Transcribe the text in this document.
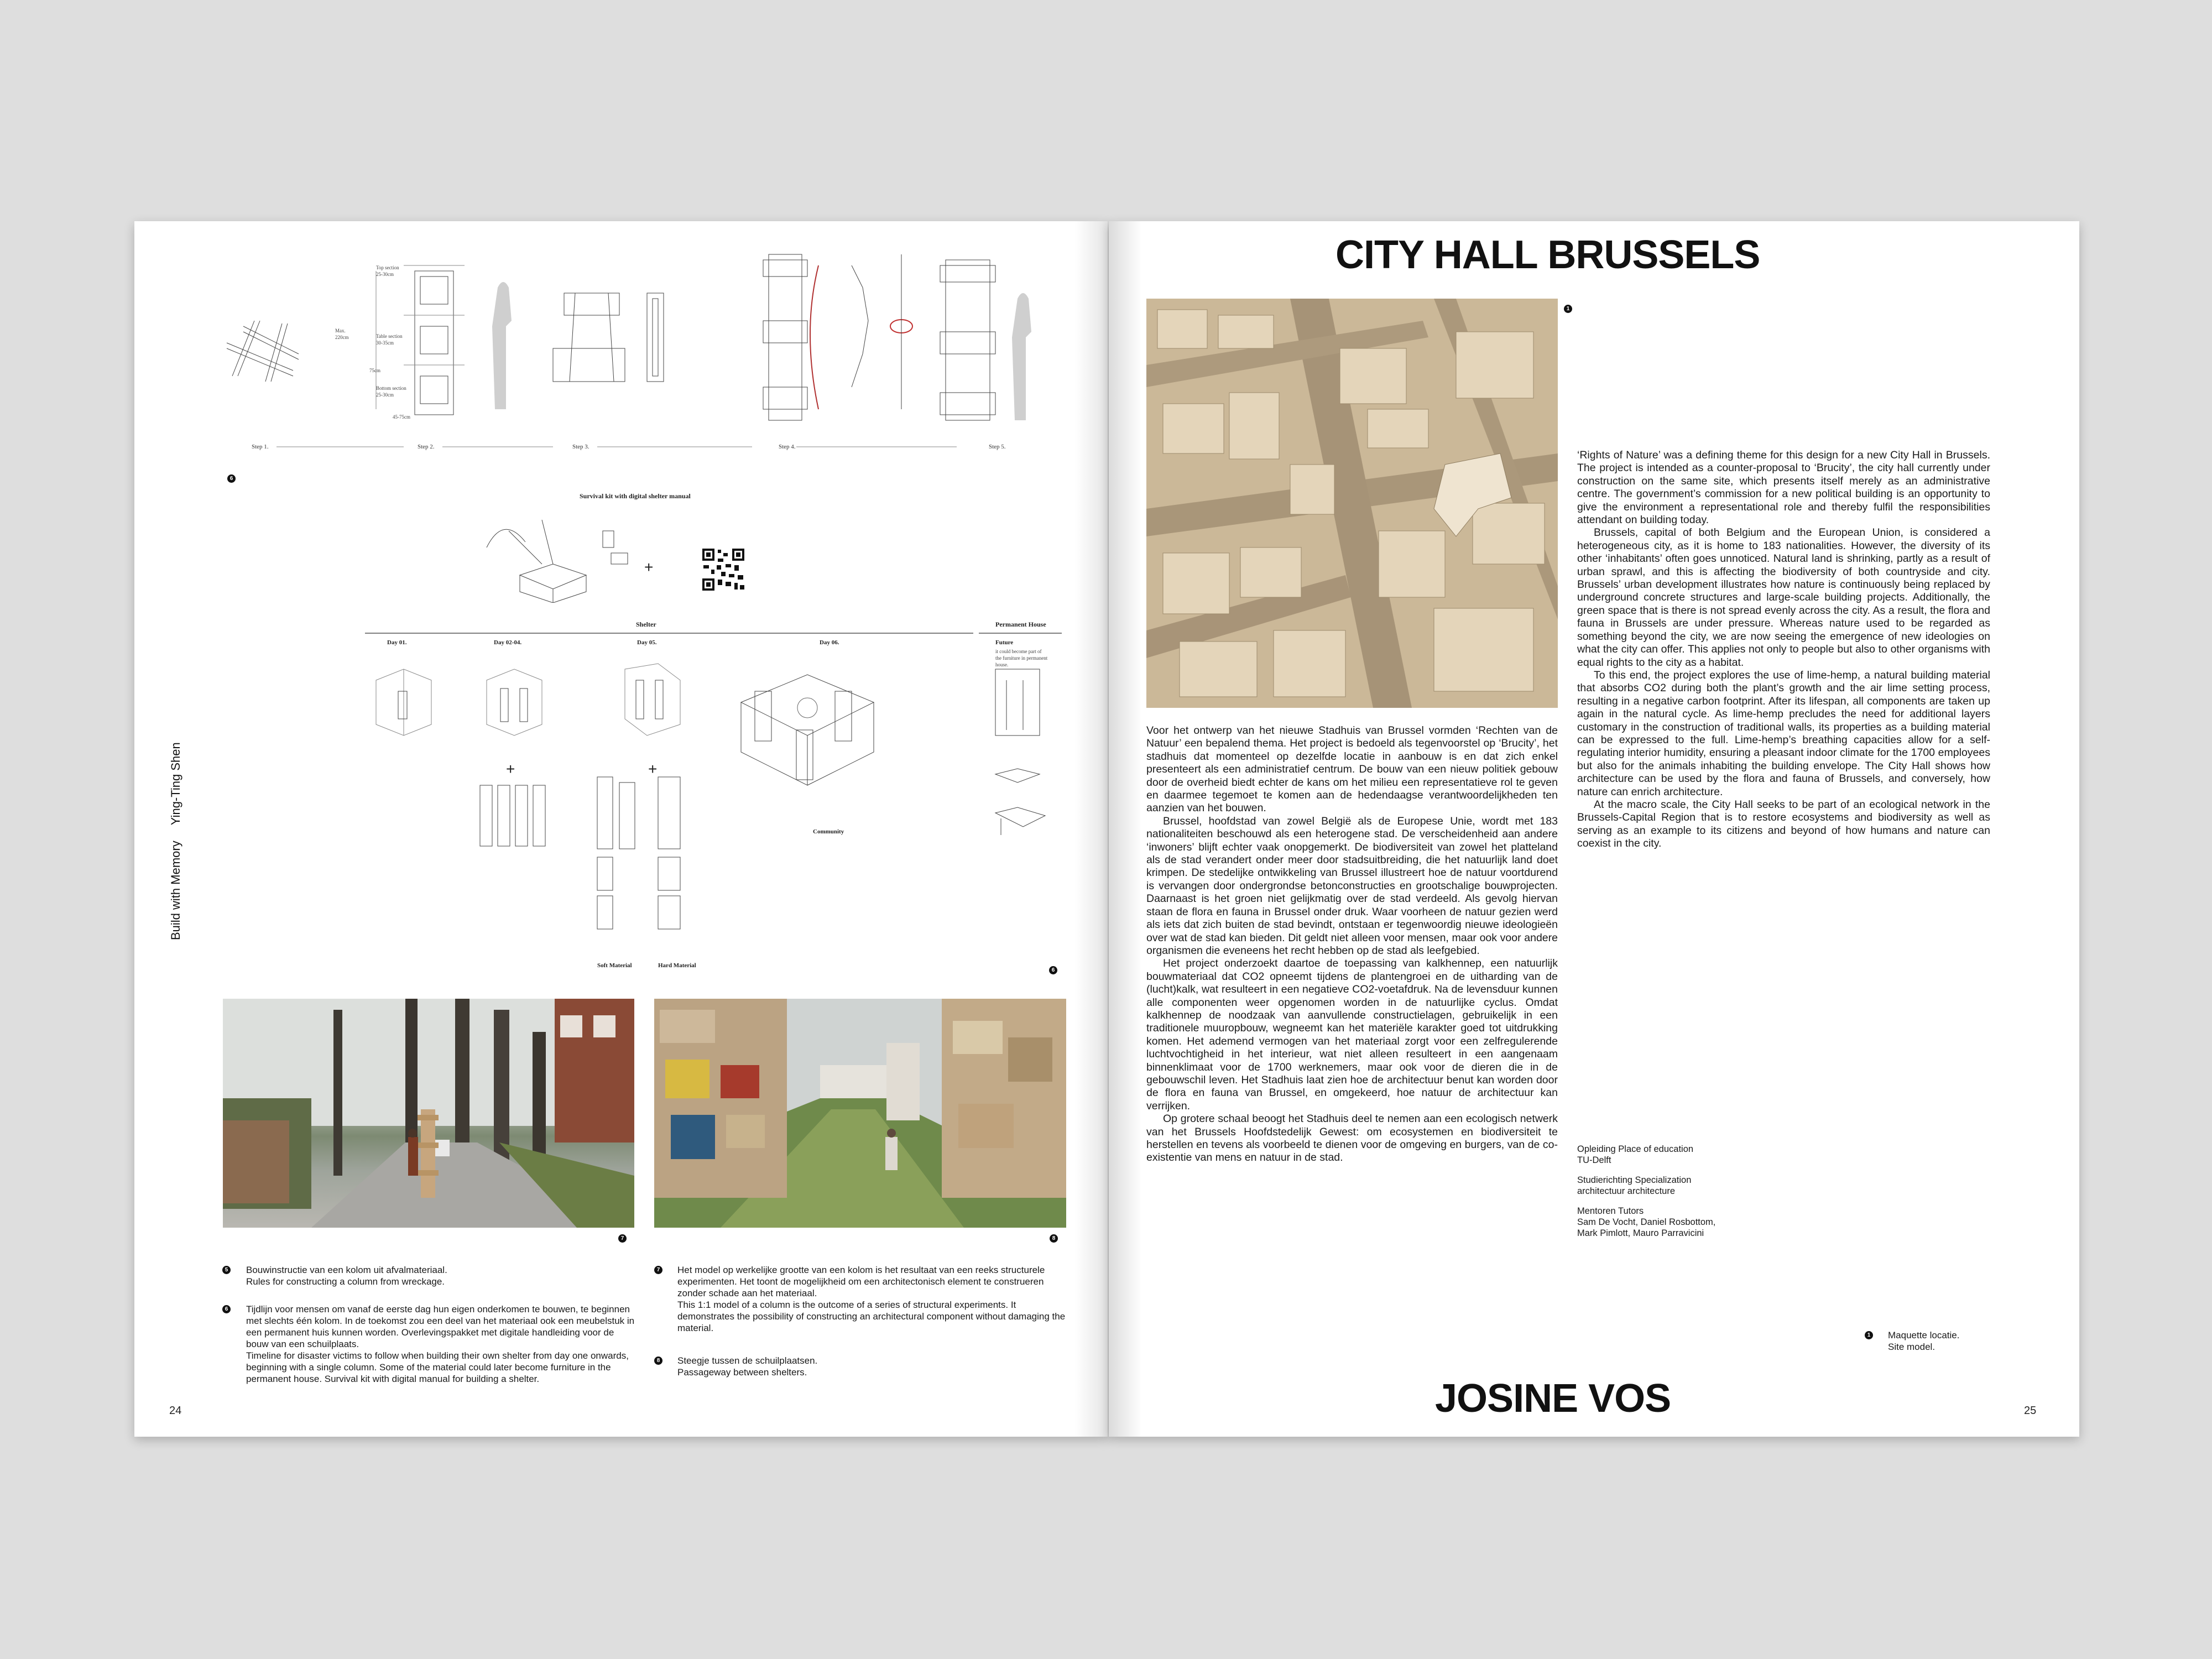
Build with MemoryYing-Ting Shen
Step 1.	Step 2.	Step 3.	Step 4.	Step 5.
Top section
25-30cm
Max.
220cm	Table section
30-35cm
75cm
Bottom section
25-30cm
45-75cm
6
Survival kit with digital shelter manual
+
Shelter	Permanent House
Day 01.	Day 02-04.	Day 05.	Day 06.	Future
it could become part of the furniture in permanent house.
+	+
Community
Soft Material	Hard Material
6
7	8
5 Bouwinstructie van een kolom uit afvalmateriaal.
Rules for constructing a column from wreckage.
6 Tijdlijn voor mensen om vanaf de eerste dag hun eigen onderkomen te bouwen, te beginnen met slechts één kolom. In de toekomst zou een deel van het materiaal ook een meubelstuk in een permanent huis kunnen worden. Overlevingspakket met digitale handleiding voor de bouw van een schuilplaats.
Timeline for disaster victims to follow when building their own shelter from day one onwards, beginning with a single column. Some of the material could later become furniture in the permanent house. Survival kit with digital manual for building a shelter.
7 Het model op werkelijke grootte van een kolom is het resultaat van een reeks structurele experimenten. Het toont de mogelijkheid om een architectonisch element te construeren zonder schade aan het materiaal.
This 1:1 model of a column is the outcome of a series of structural experiments. It demonstrates the possibility of constructing an architectural component without damaging the material.
8 Steegje tussen de schuilplaatsen.
Passageway between shelters.
24
CITY HALL BRUSSELS
1

Voor het ontwerp van het nieuwe Stadhuis van Brussel vormden ‘Rechten van de Natuur’ een bepalend thema. Het project is bedoeld als tegenvoorstel op ‘Brucity’, het stadhuis dat momenteel op dezelfde locatie in aanbouw is en dat zich enkel presenteert als een administratief centrum. De bouw van een nieuw politiek gebouw door de overheid biedt echter de kans om het milieu een representatieve rol te geven en daarmee tegemoet te komen aan de hedendaagse verantwoordelijkheden ten aanzien van het bouwen.

Brussel, hoofdstad van zowel België als de Europese Unie, wordt met 183 nationaliteiten beschouwd als een heterogene stad. De verscheidenheid aan andere ‘inwoners’ blijft echter vaak onopgemerkt. De biodiversiteit van zowel het platteland als de stad verandert onder meer door stadsuitbreiding, die het natuurlijk land doet krimpen. De stedelijke ontwikkeling van Brussel illustreert hoe de natuur voortdurend is vervangen door ondergrondse betonconstructies en grootschalige bouwprojecten. Daarnaast is het groen niet gelijkmatig over de stad verdeeld. Als gevolg hiervan staan de flora en fauna in Brussel onder druk. Waar voorheen de natuur gezien werd als iets dat zich buiten de stad bevindt, ontstaan er tegenwoordig nieuwe ideologieën over wat de stad kan bieden. Dit geldt niet alleen voor mensen, maar ook voor andere organismen die eveneens het recht hebben op de stad als leefgebied.

Het project onderzoekt daartoe de toepassing van kalkhennep, een natuurlijk bouwmateriaal dat CO2 opneemt tijdens de plantengroei en de uitharding van de (lucht)kalk, wat resulteert in een negatieve CO2-voetafdruk. Na de levensduur kunnen alle componenten weer opgenomen worden in de natuurlijke cyclus. Omdat kalkhennep de noodzaak van aanvullende constructielagen, gebruikelijk in een traditionele muuropbouw, wegneemt kan het materiële karakter goed tot uitdrukking komen. Het ademend vermogen van het materiaal zorgt voor een zelfregulerende luchtvochtigheid in het interieur, wat niet alleen resulteert in een aangenaam binnenklimaat voor de 1700 werknemers, maar ook voor de dieren die in de gebouwschil leven. Het Stadhuis laat zien hoe de architectuur benut kan worden door de flora en fauna van Brussel, en omgekeerd, hoe natuur de architectuur kan verrijken.

Op grotere schaal beoogt het Stadhuis deel te nemen aan een ecologisch netwerk van het Brussels Hoofdstedelijk Gewest: om ecosystemen en biodiversiteit te herstellen en tevens als voorbeeld te dienen voor de omgeving en burgers, van de co-existentie van mens en natuur in de stad.

‘Rights of Nature’ was a defining theme for this design for a new City Hall in Brussels. The project is intended as a counter-proposal to ‘Brucity’, the city hall currently under construction on the same site, which presents itself merely as an administrative centre. The government’s commission for a new political building is an opportunity to give the environment a representational role and thereby fulfil the responsibilities attendant on building today.

Brussels, capital of both Belgium and the European Union, is considered a heterogeneous city, as it is home to 183 nationalities. However, the diversity of its other ‘inhabitants’ often goes unnoticed. Natural land is shrinking, partly as a result of urban sprawl, and this is affecting the biodiversity of both countryside and city. Brussels’ urban development illustrates how nature is continuously being replaced by underground concrete structures and large-scale building projects. Additionally, the green space that is there is not spread evenly across the city. As a result, the flora and fauna in Brussels are under pressure. Whereas nature used to be regarded as something beyond the city, we are now seeing the emergence of new ideologies on what the city can offer. This applies not only to people but also to other organisms with equal rights to the city as a habitat.

To this end, the project explores the use of lime-hemp, a natural building material that absorbs CO2 during both the plant’s growth and the air lime setting process, resulting in a negative carbon footprint. After its lifespan, all components are taken up again in the natural cycle. As lime-hemp precludes the need for additional layers customary in the construction of traditional walls, its properties as a building material can be expressed to the full. Lime-hemp’s breathing capacities allow for a self-regulating interior humidity, ensuring a pleasant indoor climate for the 1700 employees but also for the animals inhabiting the building envelope. The City Hall shows how architecture can be used by the flora and fauna of Brussels, and conversely, how nature can enrich architecture.

At the macro scale, the City Hall seeks to be part of an ecological network in the Brussels-Capital Region that is to restore ecosystems and biodiversity as well as serving as an example to its citizens and beyond of how humans and nature can coexist in the city.

Opleiding Place of education
TU-Delft
Studierichting Specialization
architectuur architecture
Mentoren Tutors
Sam De Vocht, Daniel Rosbottom,
Mark Pimlott, Mauro Parravicini
1 Maquette locatie.
Site model.
JOSINE VOS	25
